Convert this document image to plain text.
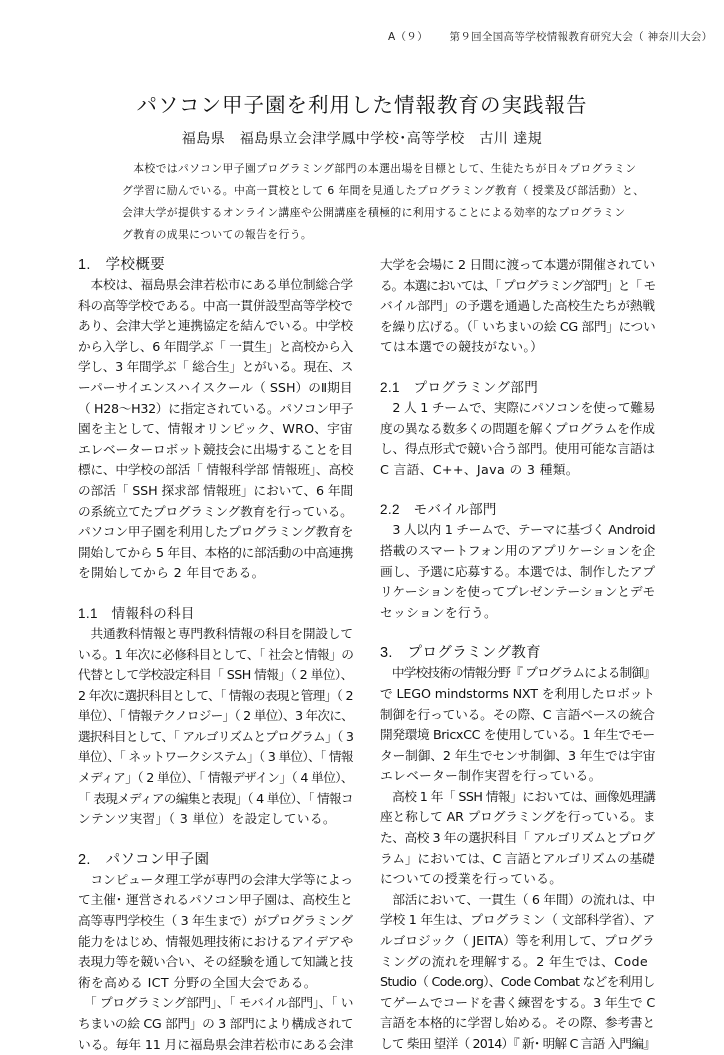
A（９） 第９回全国高等学校情報教育研究大会（ 神奈川大会）
パソコン甲子園を利用した情報教育の実践報告
福島県　福島県立会津学鳳中学校･高等学校　古川 達規
　本校ではパソコン甲子園プログラミング部門の本選出場を目標として、生徒たちが日々プログラミン
グ学習に励んでいる。中高一貫校として 6 年間を見通したプログラミング教育（ 授業及び部活動）と、
会津大学が提供するオンライン講座や公開講座を積極的に利用することによる効率的なプログラミン
グ教育の成果についての報告を行う。
1.　学校概要
　本校は、福島県会津若松市にある単位制総合学
科の高等学校である。中高一貫併設型高等学校で
あり、会津大学と連携協定を結んでいる。中学校
から入学し、6 年間学ぶ「 一貫生」と高校から入
学し、3 年間学ぶ「 総合生」とがいる。現在、ス
ーパーサイエンスハイスクール（ SSH）のⅡ期目
（ H28〜H32）に指定されている。パソコン甲子
園を主として、情報オリンピック、WRO、宇宙
エレベーターロボット競技会に出場することを目
標に、中学校の部活「 情報科学部 情報班」、高校
の部活「 SSH 探求部 情報班」において、6 年間
の系統立てたプログラミング教育を行っている。
パソコン甲子園を利用したプログラミング教育を
開始してから 5 年目、本格的に部活動の中高連携
を開始してから 2 年目である。
1.1　情報科の科目
　共通教科情報と専門教科情報の科目を開設して
いる。1 年次に必修科目として、「 社会と情報」の
代替として学校設定科目「 SSH 情報」（ 2 単位）、
2 年次に選択科目として、「 情報の表現と管理」（ 2
単位）、「 情報テクノロジー」（ 2 単位）、3 年次に、
選択科目として、「 アルゴリズムとプログラム」（ 3
単位）、「 ネットワークシステム」（ 3 単位）、「 情報
メディア」（ 2 単位）、「 情報デザイン」（ 4 単位）、
「 表現メディアの編集と表現」（ 4 単位）、「 情報コ
ンテンツ実習」（ 3 単位）を設定している。
2.　パソコン甲子園
　コンピュータ理工学が専門の会津大学等によっ
て主催･ 運営されるパソコン甲子園は、高校生と
高等専門学校生（ 3 年生まで）がプログラミング
能力をはじめ、情報処理技術におけるアイデアや
表現力等を競い合い、その経験を通して知識と技
術を高める ICT 分野の全国大会である。
　「 プログラミング部門」、「 モバイル部門」、「 い
ちまいの絵 CG 部門」の 3 部門により構成されて
いる。毎年 11 月に福島県会津若松市にある会津
大学を会場に 2 日間に渡って本選が開催されてい
る。本選においては、「 プログラミング部門」と「 モ
バイル部門」の予選を通過した高校生たちが熱戦
を繰り広げる。（「 いちまいの絵 CG 部門」につい
ては本選での競技がない。）
2.1　プログラミング部門
　2 人 1 チームで、実際にパソコンを使って難易
度の異なる数多くの問題を解くプログラムを作成
し、得点形式で競い合う部門。使用可能な言語は
C 言語、C++、Java の 3 種類。
2.2　モバイル部門
　3 人以内 1 チームで、テーマに基づく Android
搭載のスマートフォン用のアプリケーションを企
画し、予選に応募する。本選では、制作したアプ
リケーションを使ってプレゼンテーションとデモ
セッションを行う。
3.　プログラミング教育
　中学校技術の情報分野『 プログラムによる制御』
で LEGO mindstorms NXT を利用したロボット
制御を行っている。その際、C 言語ベースの統合
開発環境 BricxCC を使用している。1 年生でモー
ター制御、2 年生でセンサ制御、3 年生では宇宙
エレベーター制作実習を行っている。
　高校 1 年「 SSH 情報」においては、画像処理講
座と称して AR プログラミングを行っている。ま
た、高校 3 年の選択科目「 アルゴリズムとプログ
ラム」においては、C 言語とアルゴリズムの基礎
についての授業を行っている。
　部活において、一貫生（ 6 年間）の流れは、中
学校 1 年生は、プログラミン（ 文部科学省）、ア
ルゴロジック（ JEITA）等を利用して、プログラ
ミングの流れを理解する。2 年生では、Code
Studio（ Code.org）、Code Combat などを利用し
てゲームでコードを書く練習をする。3 年生で C
言語を本格的に学習し始める。その際、参考書と
して 柴田 望洋（ 2014）『 新･ 明解 C 言語 入門編』
